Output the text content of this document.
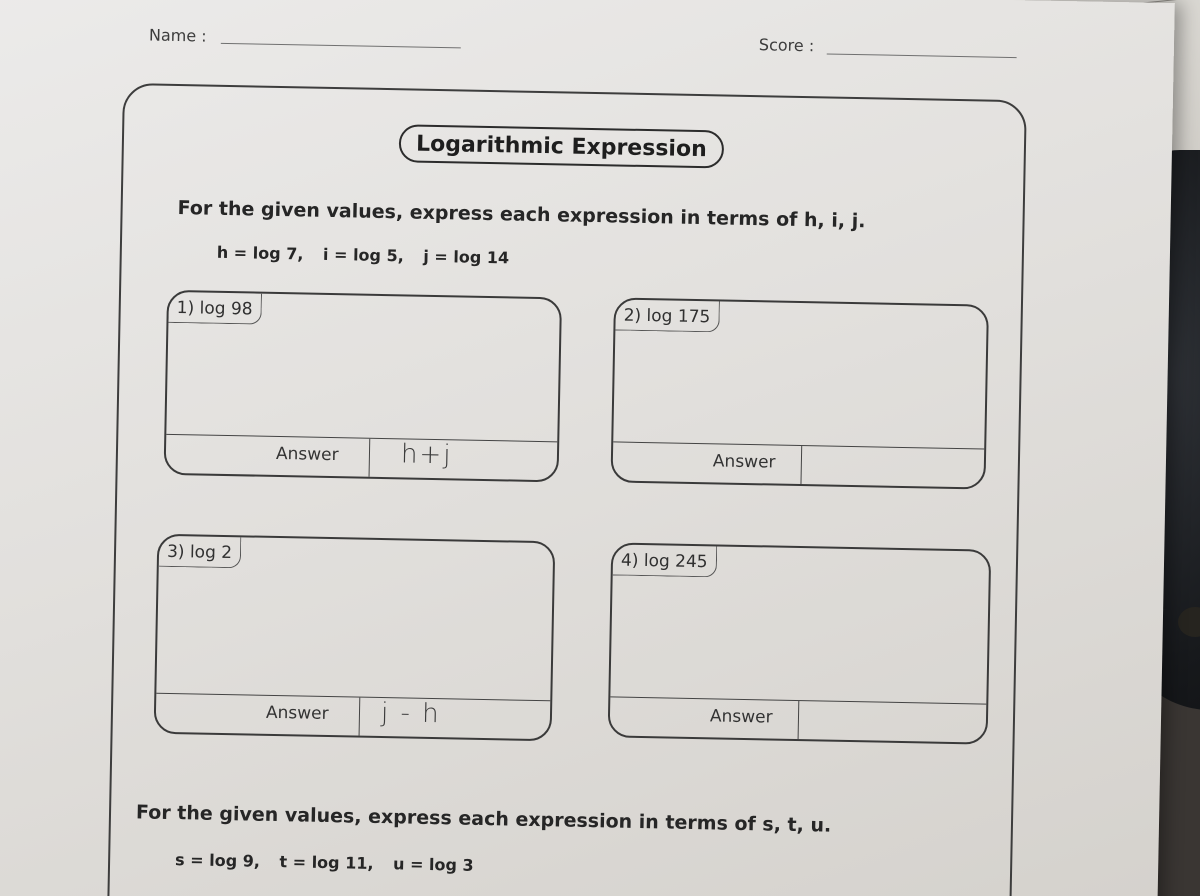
Name :	Score :
Logarithmic Expression
For the given values, express each expression in terms of h, i, j.
h = log 7, i = log 5, j = log 14
1) log 98
Answer h+j
2) log 175
Answer
3) log 2
Answer j - h
4) log 245
Answer
For the given values, express each expression in terms of s, t, u.
s = log 9, t = log 11, u = log 3
